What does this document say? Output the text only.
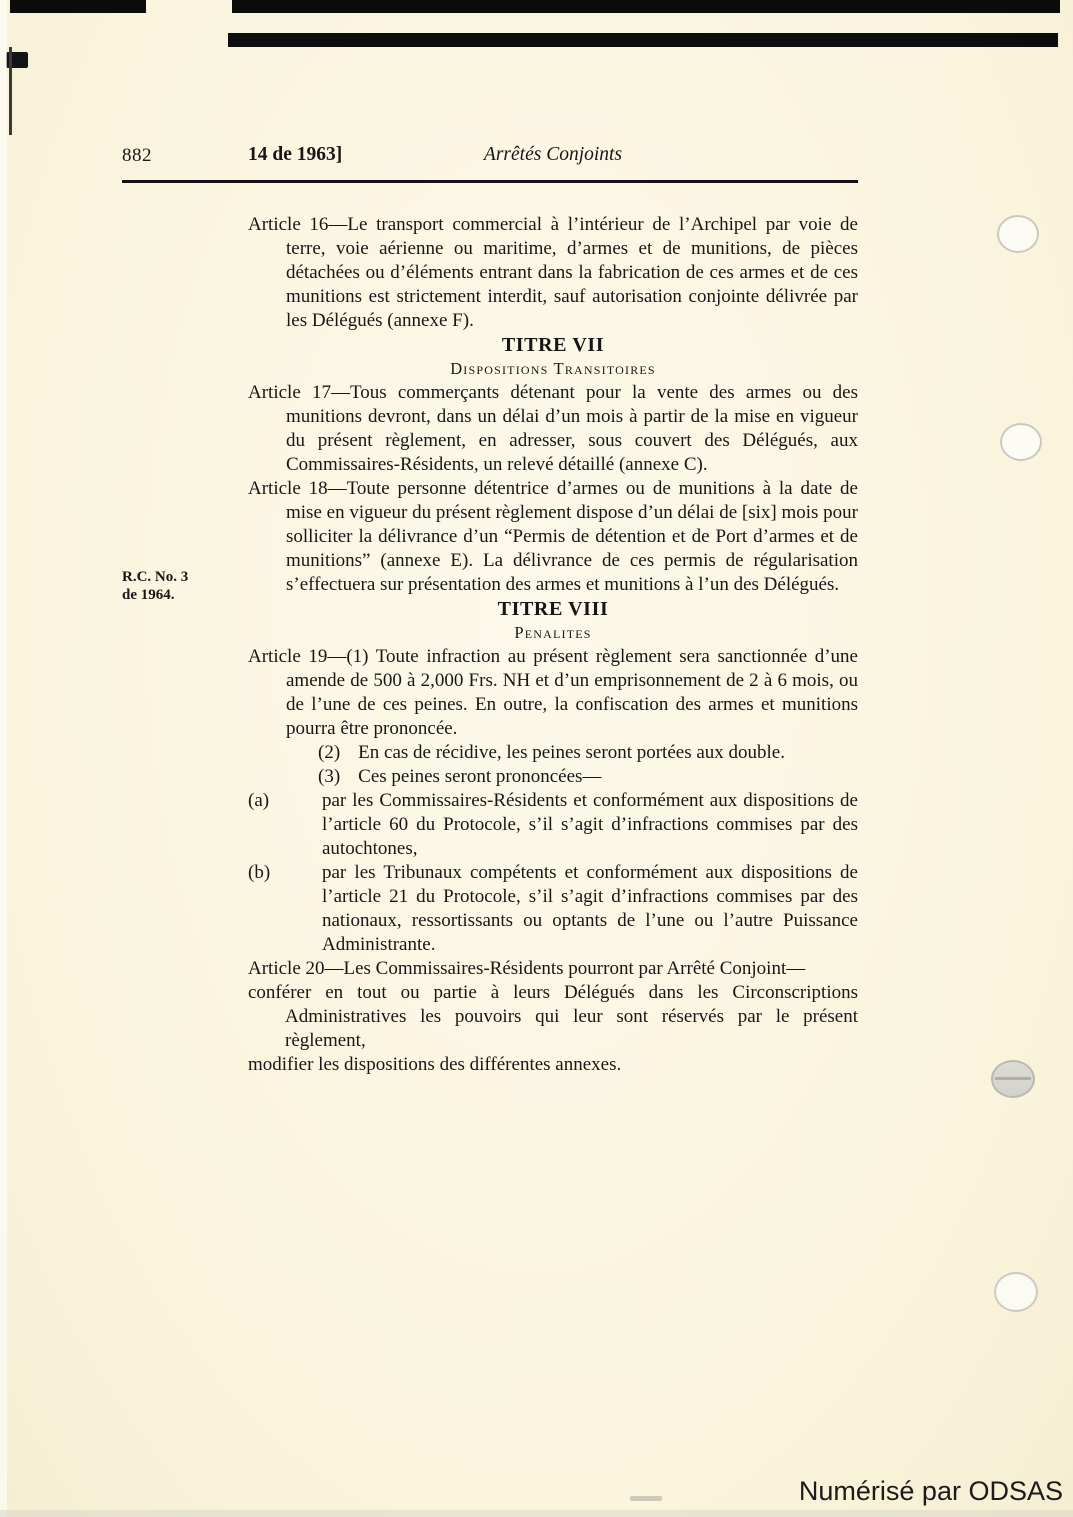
882	14 de 1963]	Arrêtés Conjoints
R.C. No. 3
de 1964.

Article 16—Le transport commercial à l’intérieur de l’Archipel par voie de terre, voie aérienne ou maritime, d’armes et de munitions, de pièces détachées ou d’éléments entrant dans la fabrication de ces armes et de ces munitions est strictement interdit, sauf autorisation conjointe délivrée par les Délégués (annexe F).

TITRE VII
Dispositions Transitoires

Article 17—Tous commerçants détenant pour la vente des armes ou des munitions devront, dans un délai d’un mois à partir de la mise en vigueur du présent règlement, en adresser, sous couvert des Délégués, aux Commissaires-Résidents, un relevé détaillé (annexe C).

Article 18—Toute personne détentrice d’armes ou de munitions à la date de mise en vigueur du présent règlement dispose d’un délai de [six] mois pour solliciter la délivrance d’un “Permis de détention et de Port d’armes et de munitions” (annexe E). La délivrance de ces permis de régularisation s’effectuera sur présentation des armes et munitions à l’un des Délégués.

TITRE VIII
Penalites

Article 19—(1) Toute infraction au présent règlement sera sanctionnée d’une amende de 500 à 2,000 Frs. NH et d’un emprisonnement de 2 à 6 mois, ou de l’une de ces peines. En outre, la confiscation des armes et munitions pourra être prononcée.

(2) En cas de récidive, les peines seront portées aux double.

(3) Ces peines seront prononcées—

(a)	par les Commissaires-Résidents et conformément aux dispositions de l’article 60 du Protocole, s’il s’agit d’infractions commises par des autochtones,

(b)	par les Tribunaux compétents et conformément aux dispositions de l’article 21 du Protocole, s’il s’agit d’infractions commises par des nationaux, ressortissants ou optants de l’une ou l’autre Puissance Administrante.

Article 20—Les Commissaires-Résidents pourront par Arrêté Conjoint—

conférer en tout ou partie à leurs Délégués dans les Circonscriptions Administratives les pouvoirs qui leur sont réservés par le présent règlement,

modifier les dispositions des différentes annexes.

Numérisé par ODSAS
